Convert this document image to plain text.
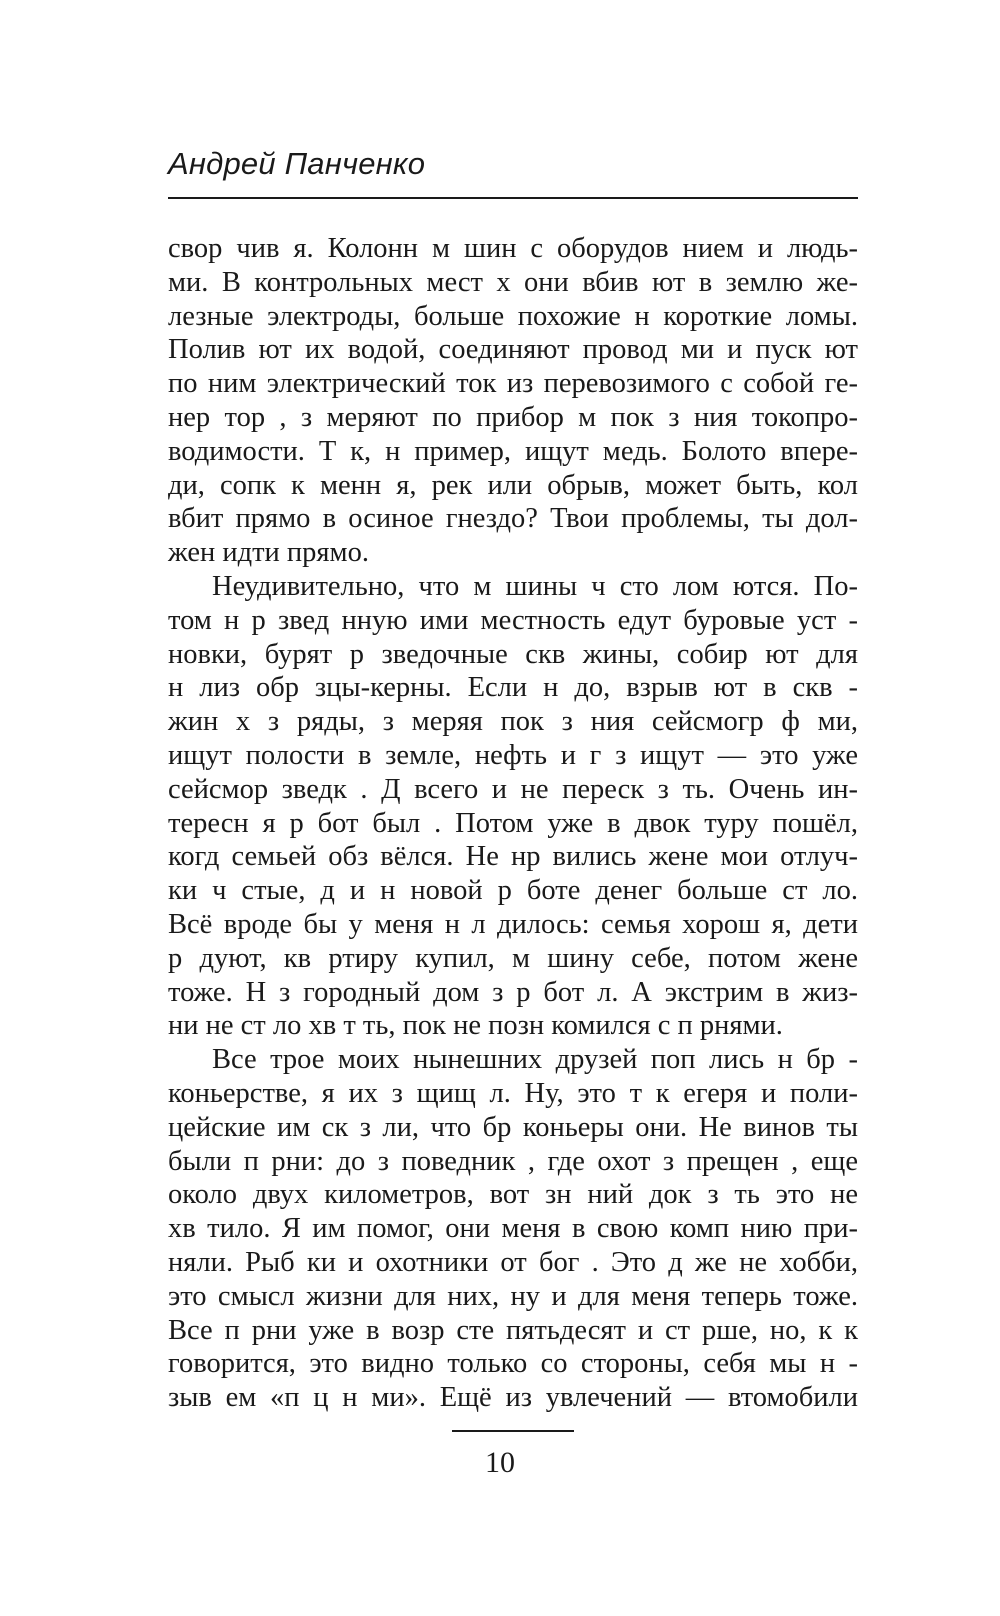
Андрей Панченко
свор чив я. Колонн м шин с оборудов нием и людь-
ми. В контрольных мест х они вбив ют в землю же-
лезные электроды, больше похожие н короткие ломы.
Полив ют их водой, соединяют провод ми и пуск ют
по ним электрический ток из перевозимого с собой ге-
нер тор , з меряют по прибор м пок з ния токопро-
водимости. Т к, н пример, ищут медь. Болото впере-
ди, сопк к менн я, рек или обрыв, может быть, кол
вбит прямо в осиное гнездо? Твои проблемы, ты дол-
жен идти прямо.
Неудивительно, что м шины ч сто лом ются. По-
том н р звед нную ими местность едут буровые уст -
новки, бурят р зведочные скв жины, собир ют для
н лиз обр зцы-керны. Если н до, взрыв ют в скв -
жин х з ряды, з меряя пок з ния сейсмогр ф ми,
ищут полости в земле, нефть и г з ищут — это уже
сейсмор зведк . Д всего и не переск з ть. Очень ин-
тересн я р бот был . Потом уже в двок туру пошёл,
когд семьей обз вёлся. Не нр вились жене мои отлуч-
ки ч стые, д и н новой р боте денег больше ст ло.
Всё вроде бы у меня н л дилось: семья хорош я, дети
р дуют, кв ртиру купил, м шину себе, потом жене
тоже. Н з городный дом з р бот л. А экстрим в жиз-
ни не ст ло хв т ть, пок не позн комился с п рнями.
Все трое моих нынешних друзей поп лись н бр -
коньерстве, я их з щищ л. Ну, это т к егеря и поли-
цейские им ск з ли, что бр коньеры они. Не винов ты
были п рни: до з поведник , где охот з прещен , еще
около двух километров, вот зн ний док з ть это не
хв тило. Я им помог, они меня в свою комп нию при-
няли. Рыб ки и охотники от бог . Это д же не хобби,
это смысл жизни для них, ну и для меня теперь тоже.
Все п рни уже в возр сте пятьдесят и ст рше, но, к к
говорится, это видно только со стороны, себя мы н -
зыв ем «п ц н ми». Ещё из увлечений — втомобили
10
